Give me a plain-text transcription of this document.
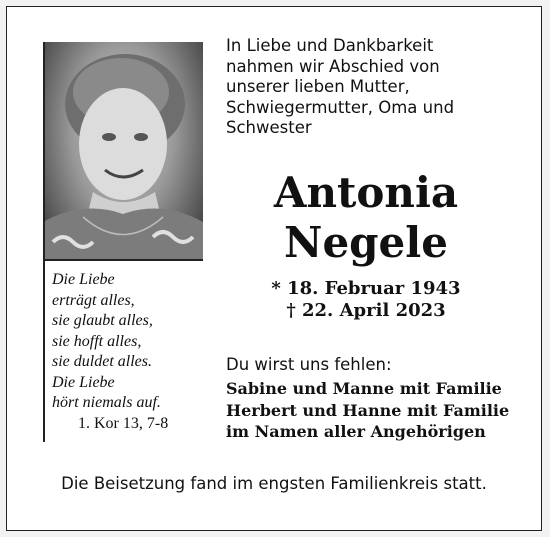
In Liebe und Dankbarkeit
nahmen wir Abschied von
unserer lieben Mutter,
Schwiegermutter, Oma und
Schwester
Antonia
Negele
* 18. Februar 1943
† 22. April 2023
Die Liebe
erträgt alles,
sie glaubt alles,
sie hofft alles,
sie duldet alles.
Die Liebe
hört niemals auf.
1. Kor 13, 7-8
Du wirst uns fehlen:
Sabine und Manne mit Familie
Herbert und Hanne mit Familie
im Namen aller Angehörigen
Die Beisetzung fand im engsten Familienkreis statt.
